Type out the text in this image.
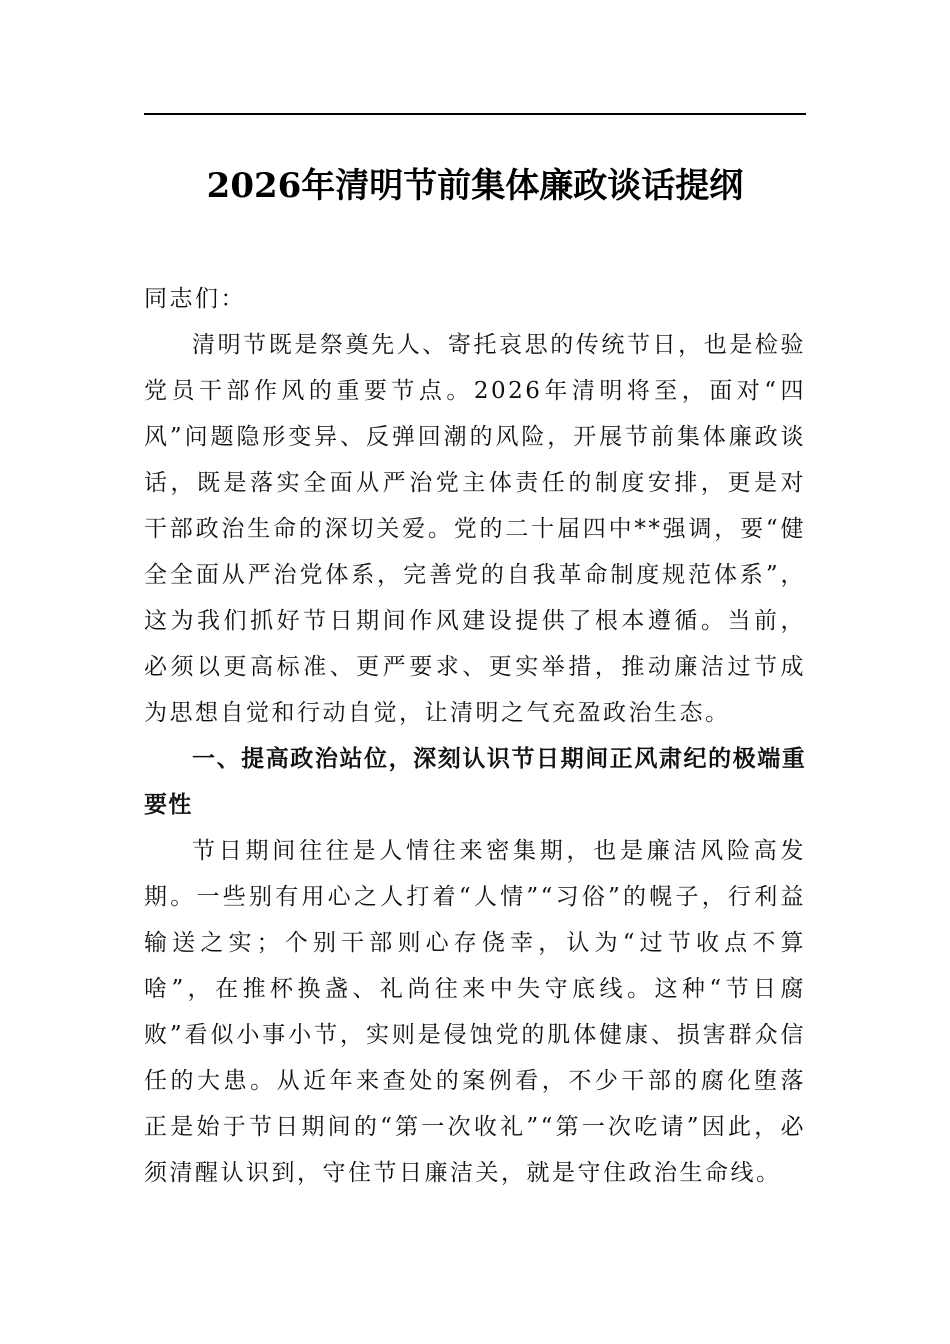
2026年清明节前集体廉政谈话提纲

同志们：

清明节既是祭奠先人、寄托哀思的传统节日，也是检验党员干部作风的重要节点。2026年清明将至，面对“四风”问题隐形变异、反弹回潮的风险，开展节前集体廉政谈话，既是落实全面从严治党主体责任的制度安排，更是对干部政治生命的深切关爱。党的二十届四中**强调，要“健全全面从严治党体系，完善党的自我革命制度规范体系”，这为我们抓好节日期间作风建设提供了根本遵循。当前，必须以更高标准、更严要求、更实举措，推动廉洁过节成为思想自觉和行动自觉，让清明之气充盈政治生态。

一、提高政治站位，深刻认识节日期间正风肃纪的极端重要性

节日期间往往是人情往来密集期，也是廉洁风险高发期。一些别有用心之人打着“人情”“习俗”的幌子，行利益输送之实；个别干部则心存侥幸，认为“过节收点不算啥”，在推杯换盏、礼尚往来中失守底线。这种“节日腐败”看似小事小节，实则是侵蚀党的肌体健康、损害群众信任的大患。从近年来查处的案例看，不少干部的腐化堕落正是始于节日期间的“第一次收礼”“第一次吃请”因此，必须清醒认识到，守住节日廉洁关，就是守住政治生命线。
